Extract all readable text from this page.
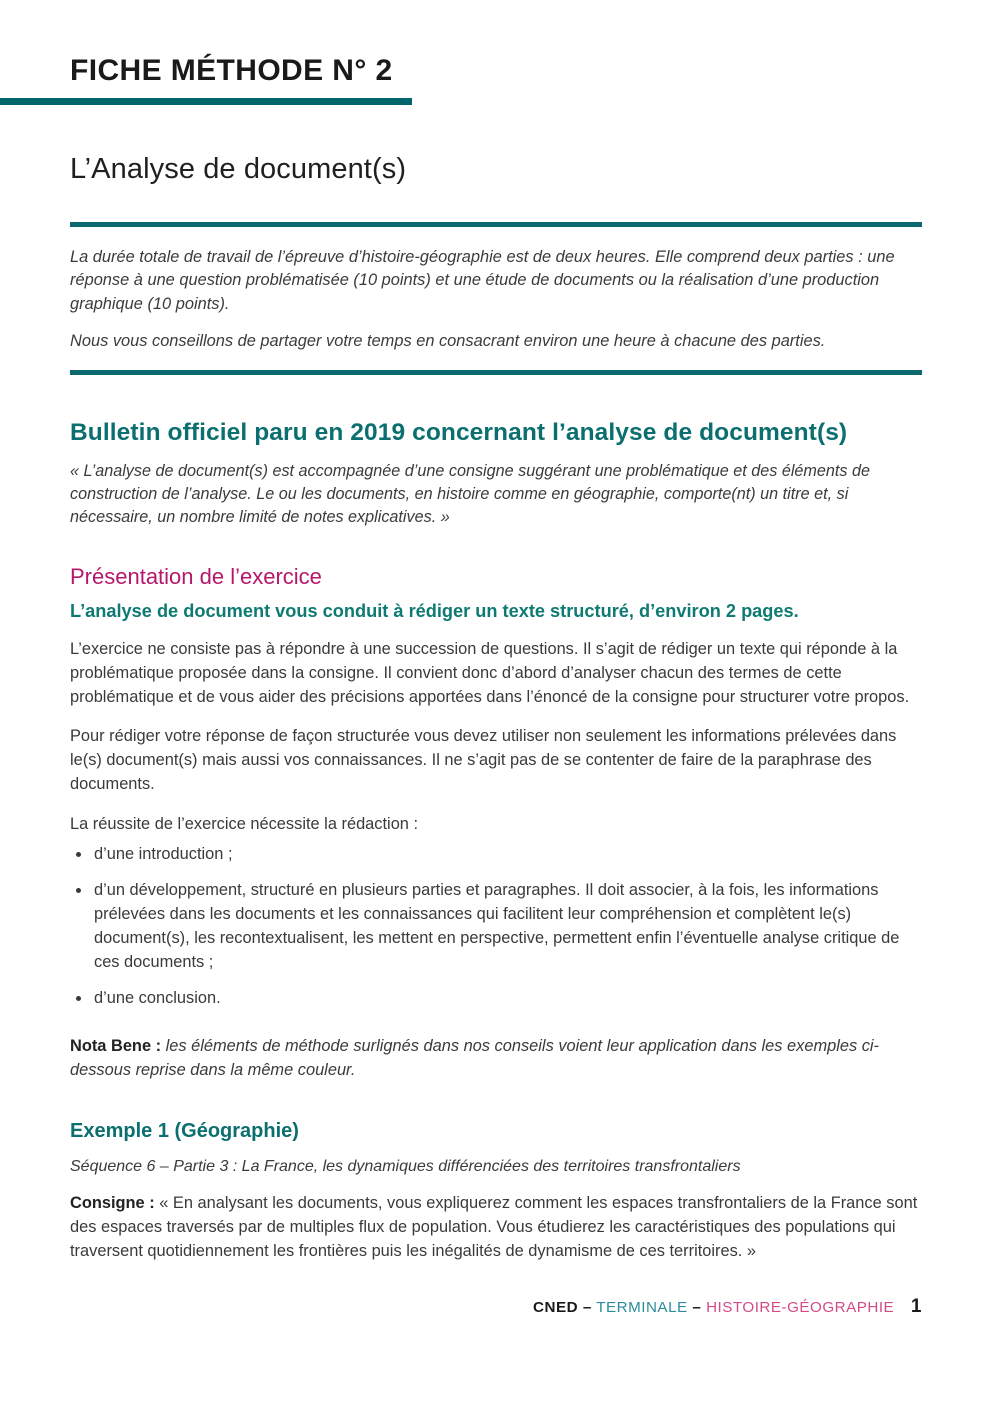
FICHE MÉTHODE N° 2
L’Analyse de document(s)

La durée totale de travail de l’épreuve d’histoire-géographie est de deux heures. Elle comprend deux parties : une réponse à une question problématisée (10 points) et une étude de documents ou la réalisation d’une production graphique (10 points).

Nous vous conseillons de partager votre temps en consacrant environ une heure à chacune des parties.

Bulletin officiel paru en 2019 concernant l’analyse de document(s)

« L’analyse de document(s) est accompagnée d’une consigne suggérant une problématique et des éléments de construction de l’analyse. Le ou les documents, en histoire comme en géographie, comporte(nt) un titre et, si nécessaire, un nombre limité de notes explicatives. »

Présentation de l’exercice
L’analyse de document vous conduit à rédiger un texte structuré, d’environ 2 pages.

L’exercice ne consiste pas à répondre à une succession de questions. Il s’agit de rédiger un texte qui réponde à la problématique proposée dans la consigne. Il convient donc d’abord d’analyser chacun des termes de cette problématique et de vous aider des précisions apportées dans l’énoncé de la consigne pour structurer votre propos.

Pour rédiger votre réponse de façon structurée vous devez utiliser non seulement les informations prélevées dans le(s) document(s) mais aussi vos connaissances. Il ne s’agit pas de se contenter de faire de la paraphrase des documents.

La réussite de l’exercice nécessite la rédaction :

d’une introduction ;
d’un développement, structuré en plusieurs parties et paragraphes. Il doit associer, à la fois, les informations prélevées dans les documents et les connaissances qui facilitent leur compréhension et complètent le(s) document(s), les recontextualisent, les mettent en perspective, permettent enfin l’éventuelle analyse critique de ces documents ;
d’une conclusion.

Nota Bene : les éléments de méthode surlignés dans nos conseils voient leur application dans les exemples ci-dessous reprise dans la même couleur.

Exemple 1 (Géographie)

Séquence 6 – Partie 3 : La France, les dynamiques différenciées des territoires transfrontaliers

Consigne : « En analysant les documents, vous expliquerez comment les espaces transfrontaliers de la France sont des espaces traversés par de multiples flux de population. Vous étudierez les caractéristiques des populations qui traversent quotidiennement les frontières puis les inégalités de dynamisme de ces territoires. »

CNED – TERMINALE – HISTOIRE-GÉOGRAPHIE 1
